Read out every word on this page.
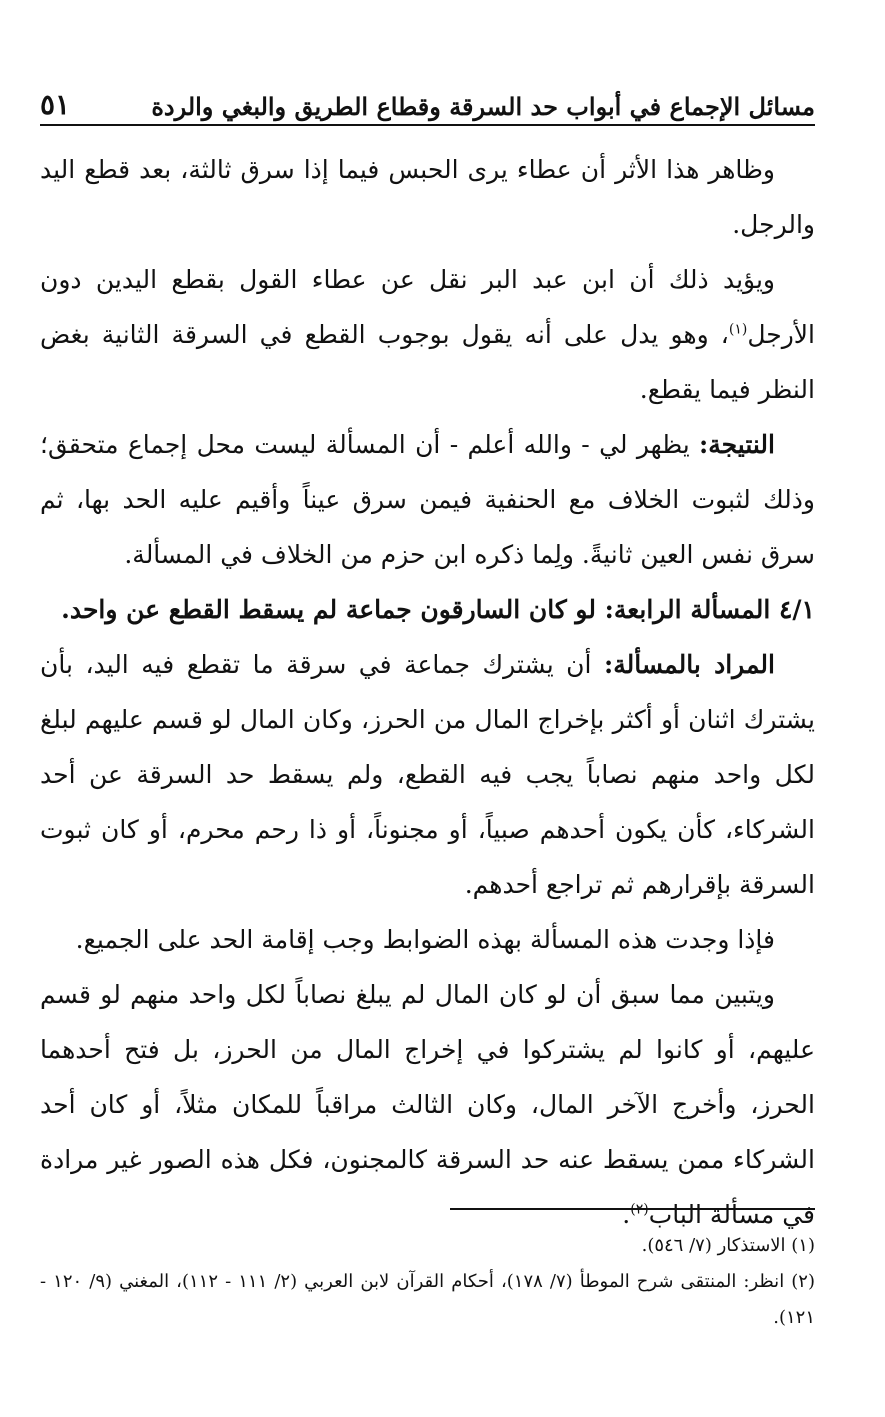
مسائل الإجماع في أبواب حد السرقة وقطاع الطريق والبغي والردة
٥١

وظاهر هذا الأثر أن عطاء يرى الحبس فيما إذا سرق ثالثة، بعد قطع اليد والرجل.

ويؤيد ذلك أن ابن عبد البر نقل عن عطاء القول بقطع اليدين دون الأرجل$^{(١)}$، وهو يدل على أنه يقول بوجوب القطع في السرقة الثانية بغض النظر فيما يقطع.

النتيجة: يظهر لي - والله أعلم - أن المسألة ليست محل إجماع متحقق؛ وذلك لثبوت الخلاف مع الحنفية فيمن سرق عيناً وأقيم عليه الحد بها، ثم سرق نفس العين ثانيةً. ولِما ذكره ابن حزم من الخلاف في المسألة.

٤/١ المسألة الرابعة: لو كان السارقون جماعة لم يسقط القطع عن واحد.

المراد بالمسألة: أن يشترك جماعة في سرقة ما تقطع فيه اليد، بأن يشترك اثنان أو أكثر بإخراج المال من الحرز، وكان المال لو قسم عليهم لبلغ لكل واحد منهم نصاباً يجب فيه القطع، ولم يسقط حد السرقة عن أحد الشركاء، كأن يكون أحدهم صبياً، أو مجنوناً، أو ذا رحم محرم، أو كان ثبوت السرقة بإقرارهم ثم تراجع أحدهم.

فإذا وجدت هذه المسألة بهذه الضوابط وجب إقامة الحد على الجميع.

ويتبين مما سبق أن لو كان المال لم يبلغ نصاباً لكل واحد منهم لو قسم عليهم، أو كانوا لم يشتركوا في إخراج المال من الحرز، بل فتح أحدهما الحرز، وأخرج الآخر المال، وكان الثالث مراقباً للمكان مثلاً، أو كان أحد الشركاء ممن يسقط عنه حد السرقة كالمجنون، فكل هذه الصور غير مرادة في مسألة الباب$^{(٢)}$.

(١) الاستذكار (٧/ ٥٤٦).

(٢) انظر: المنتقى شرح الموطأ (٧/ ١٧٨)، أحكام القرآن لابن العربي (٢/ ١١١ - ١١٢)، المغني (٩/ ١٢٠ - ١٢١).
